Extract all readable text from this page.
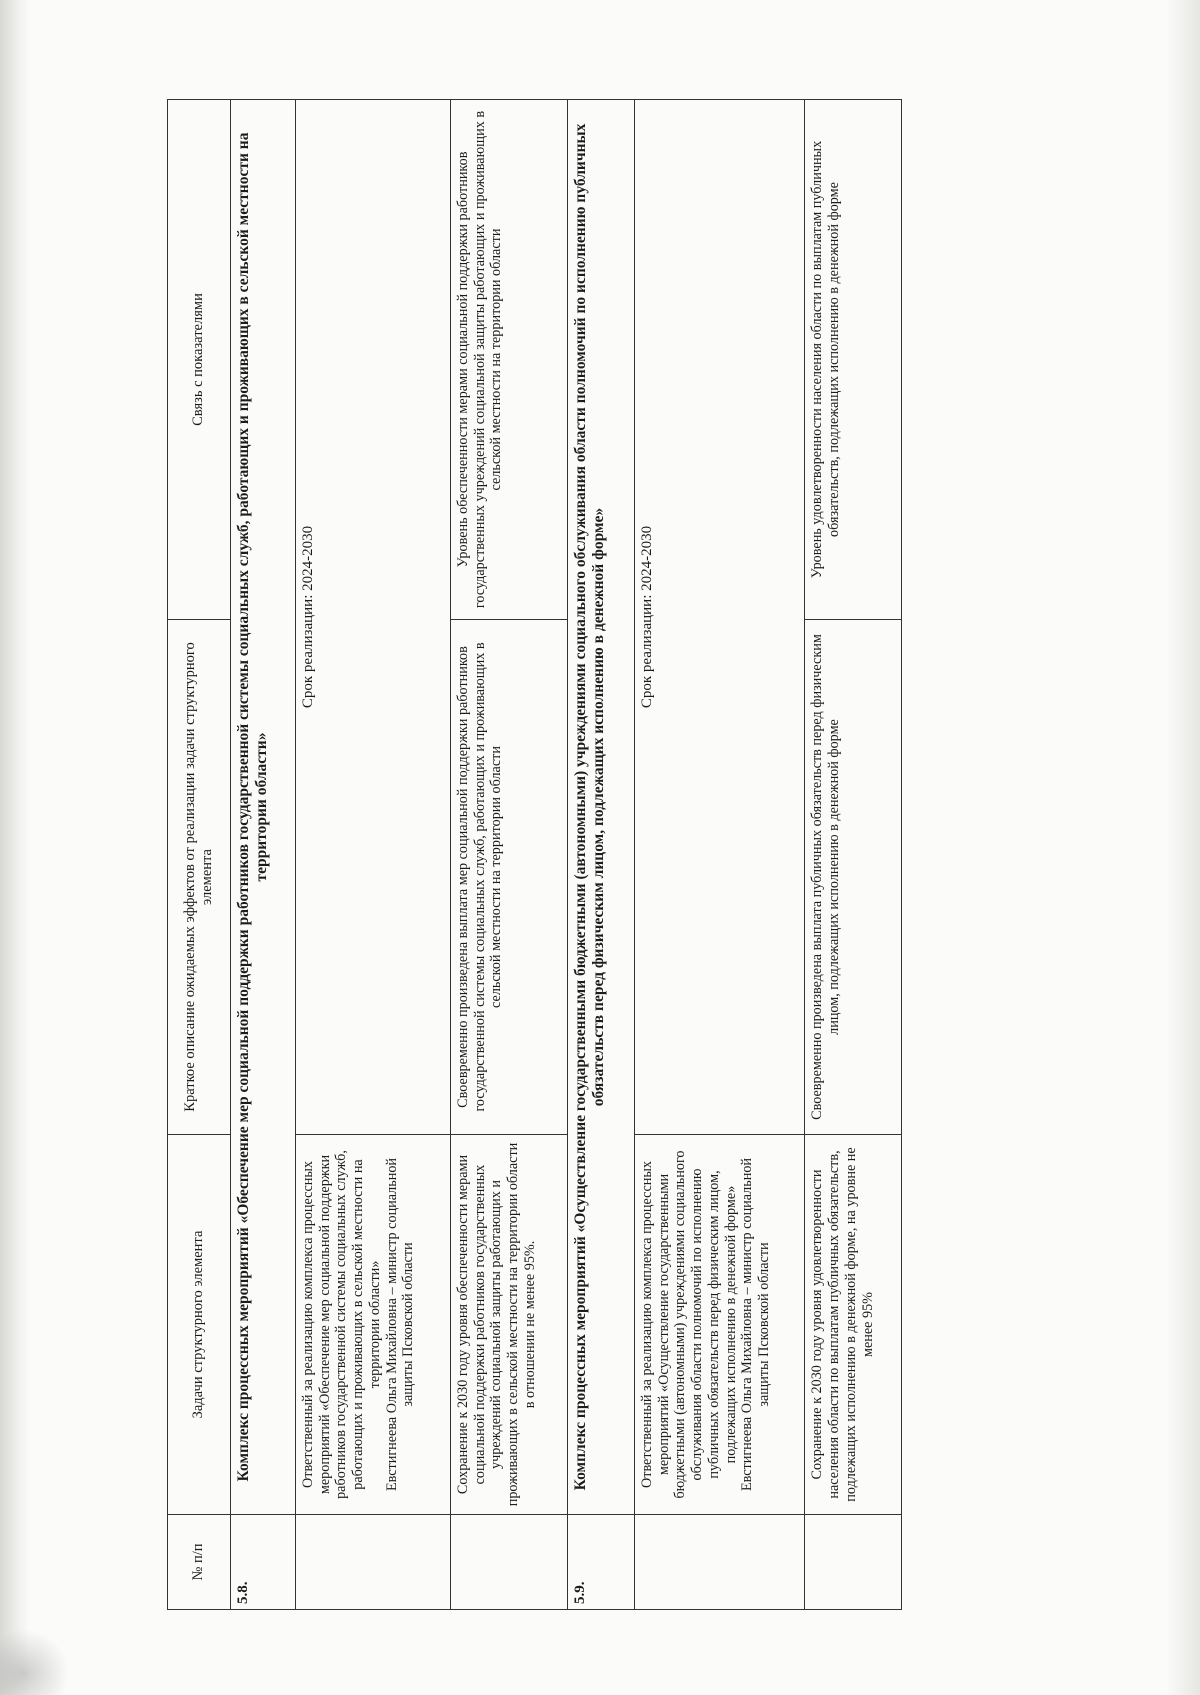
№ п/п	Задачи структурного элемента	Краткое описание ожидаемых эффектов от реализации задачи структурного элемента	Связь с показателями
5.8.	Комплекс процессных мероприятий «Обеспечение мер социальной поддержки работников государственной системы социальных служб, работающих и проживающих в сельской местности на территории области»		

	Ответственный за реализацию комплекса процессных мероприятий «Обеспечение мер социальной поддержки работников государственной системы социальных служб, работающих и проживающих в сельской местности на территории области» Евстигнеева Ольга Михайловна – министр социальной защиты Псковской области	Срок реализации: 2024-2030	
	Сохранение к 2030 году уровня обеспеченности мерами социальной поддержки работников государственных учреждений социальной защиты работающих и проживающих в сельской местности на территории области в отношении не менее 95%.	Своевременно произведена выплата мер социальной поддержки работников государственной системы социальных служб, работающих и проживающих в сельской местности на территории области	Уровень обеспеченности мерами социальной поддержки работников государственных учреждений социальной защиты работающих и проживающих в сельской местности на территории области
5.9.	Комплекс процессных мероприятий «Осуществление государственными бюджетными (автономными) учреждениями социального обслуживания области полномочий по исполнению публичных обязательств перед физическим лицом, подлежащих исполнению в денежной форме»		

	Ответственный за реализацию комплекса процессных мероприятий «Осуществление государственными бюджетными (автономными) учреждениями социального обслуживания области полномочий по исполнению публичных обязательств перед физическим лицом, подлежащих исполнению в денежной форме» Евстигнеева Ольга Михайловна – министр социальной защиты Псковской области	Срок реализации: 2024-2030	
	Сохранение к 2030 году уровня удовлетворенности населения области по выплатам публичных обязательств, подлежащих исполнению в денежной форме, на уровне не менее 95%	Своевременно произведена выплата публичных обязательств перед физическим лицом, подлежащих исполнению в денежной форме	Уровень удовлетворенности населения области по выплатам публичных обязательств, подлежащих исполнению в денежной форме
